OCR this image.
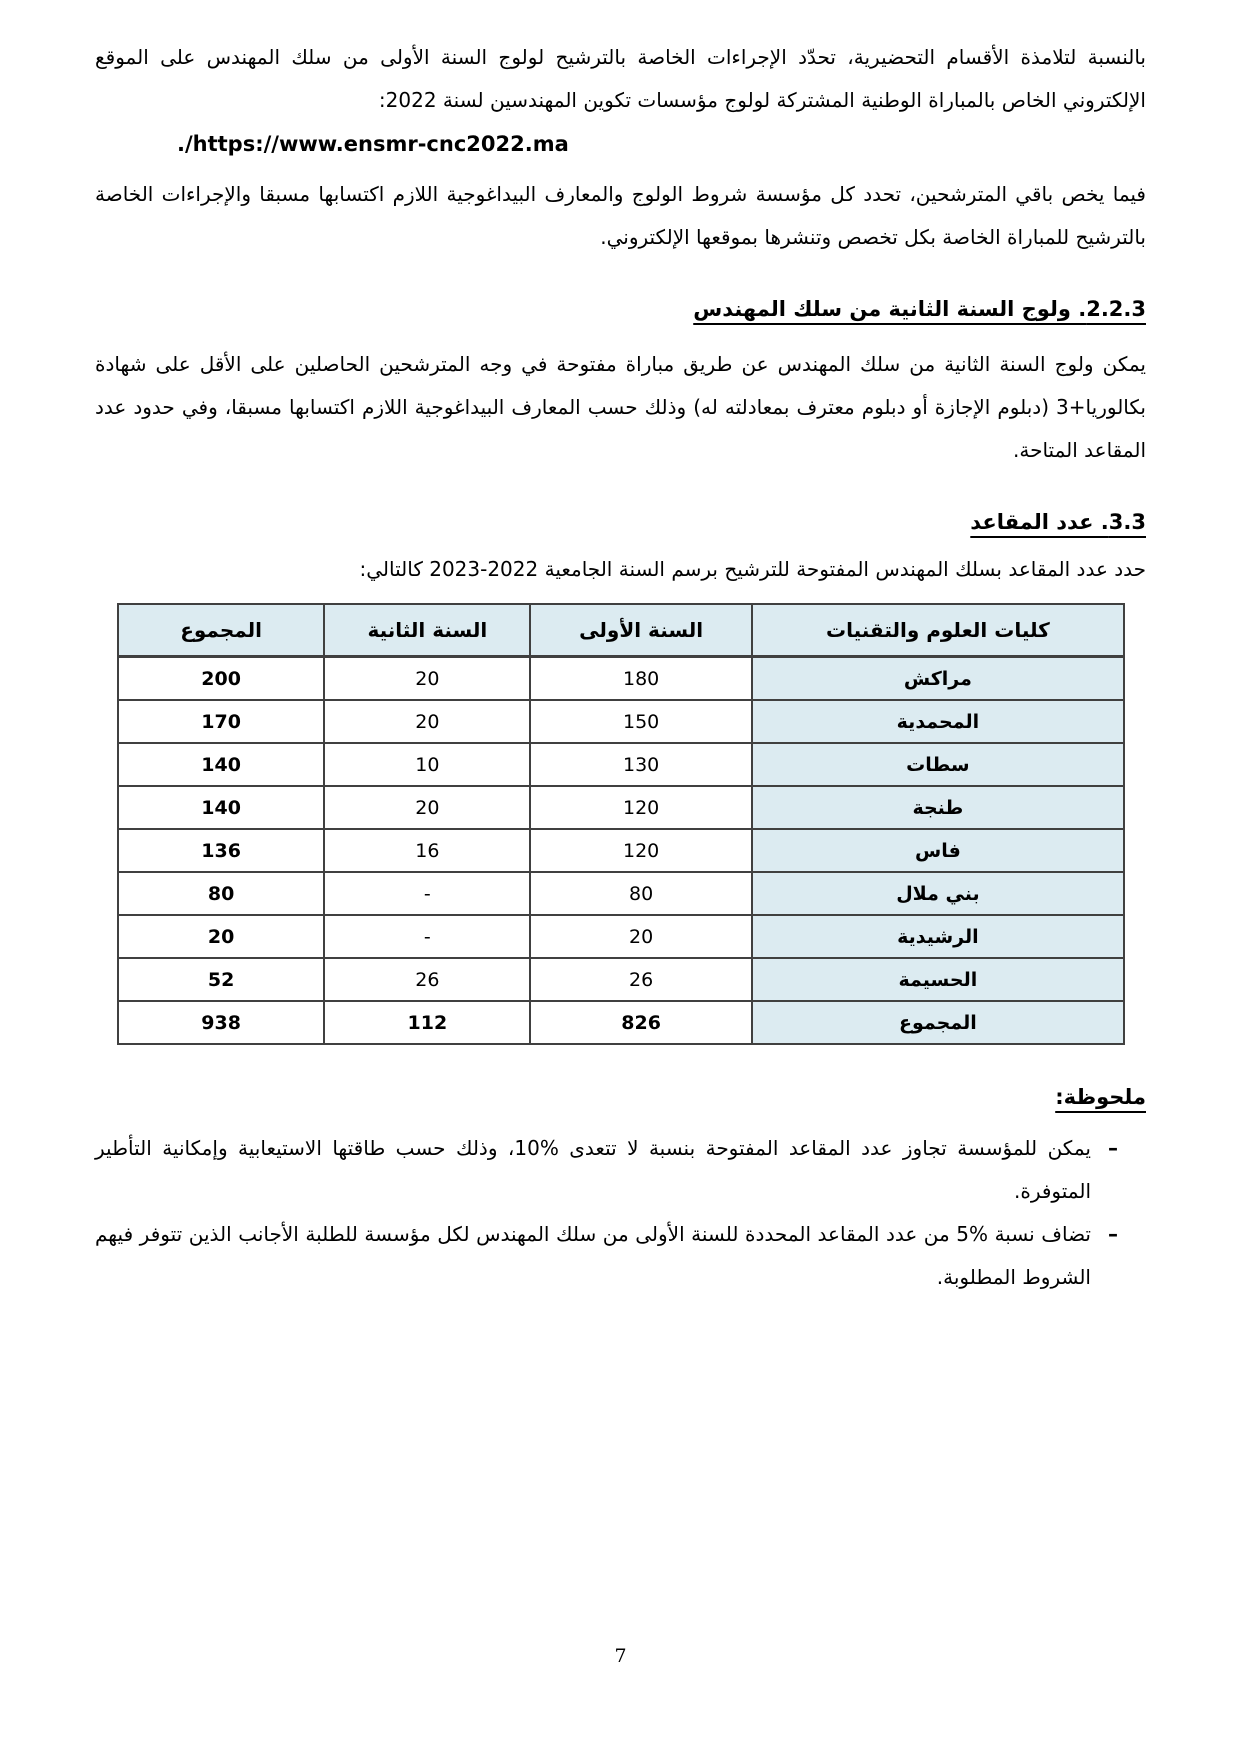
بالنسبة لتلامذة الأقسام التحضيرية، تحدّد الإجراءات الخاصة بالترشيح لولوج السنة الأولى من سلك المهندس على الموقع الإلكتروني الخاص بالمباراة الوطنية المشتركة لولوج مؤسسات تكوين المهندسين لسنة 2022:

https://www.ensmr-cnc2022.ma/.

فيما يخص باقي المترشحين، تحدد كل مؤسسة شروط الولوج والمعارف البيداغوجية اللازم اكتسابها مسبقا والإجراءات الخاصة بالترشيح للمباراة الخاصة بكل تخصص وتنشرها بموقعها الإلكتروني.

2.2.3. ولوج السنة الثانية من سلك المهندس

يمكن ولوج السنة الثانية من سلك المهندس عن طريق مباراة مفتوحة في وجه المترشحين الحاصلين على الأقل على شهادة بكالوريا+3 (دبلوم الإجازة أو دبلوم معترف بمعادلته له) وذلك حسب المعارف البيداغوجية اللازم اكتسابها مسبقا، وفي حدود عدد المقاعد المتاحة.

3.3. عدد المقاعد

حدد عدد المقاعد بسلك المهندس المفتوحة للترشيح برسم السنة الجامعية 2023-2022 كالتالي:

كليات العلوم والتقنيات	السنة الأولى	السنة الثانية	المجموع
مراكش	180	20	200
المحمدية	150	20	170
سطات	130	10	140
طنجة	120	20	140
فاس	120	16	136
بني ملال	80	-	80
الرشيدية	20	-	20
الحسيمة	26	26	52
المجموع	826	112	938
ملحوظة:
–
يمكن للمؤسسة تجاوز عدد المقاعد المفتوحة بنسبة لا تتعدى %10، وذلك حسب طاقتها الاستيعابية وإمكانية التأطير المتوفرة.
–
تضاف نسبة %5 من عدد المقاعد المحددة للسنة الأولى من سلك المهندس لكل مؤسسة للطلبة الأجانب الذين تتوفر فيهم الشروط المطلوبة.
7
